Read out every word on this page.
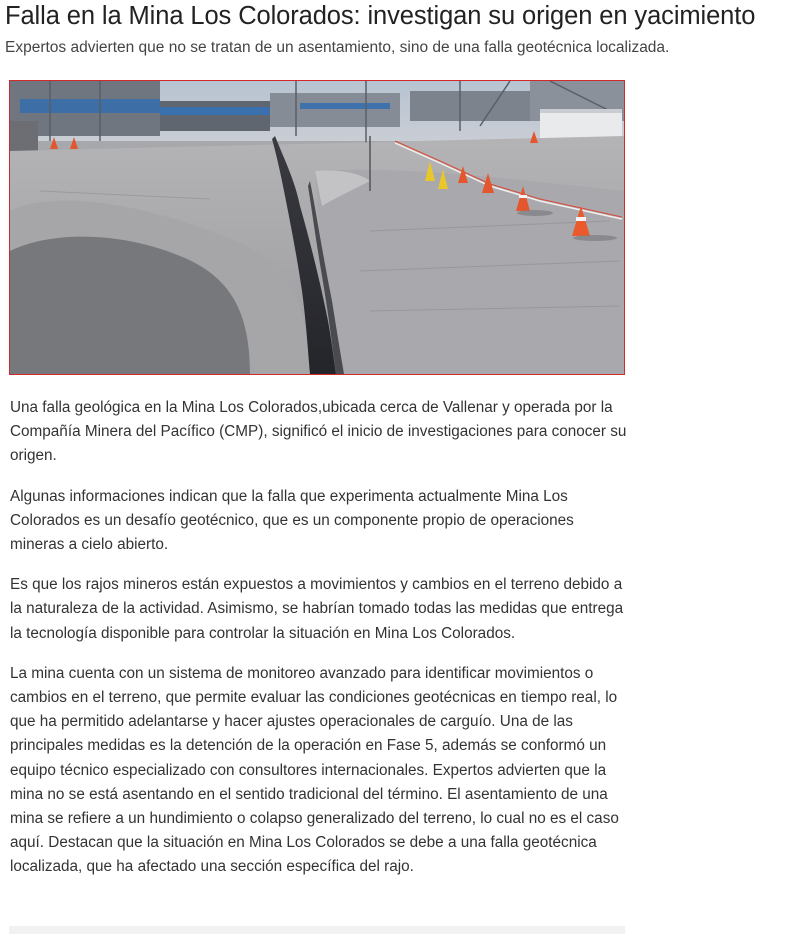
Falla en la Mina Los Colorados: investigan su origen en yacimiento

Expertos advierten que no se tratan de un asentamiento, sino de una falla geotécnica localizada.

Una falla geológica en la Mina Los Colorados,ubicada cerca de Vallenar y operada por la Compañía Minera del Pacífico (CMP), significó el inicio de investigaciones para conocer su origen.

Algunas informaciones indican que la falla que experimenta actualmente Mina Los Colorados es un desafío geotécnico, que es un componente propio de operaciones mineras a cielo abierto.

Es que los rajos mineros están expuestos a movimientos y cambios en el terreno debido a la naturaleza de la actividad. Asimismo, se habrían tomado todas las medidas que entrega la tecnología disponible para controlar la situación en Mina Los Colorados.

La mina cuenta con un sistema de monitoreo avanzado para identificar movimientos o cambios en el terreno, que permite evaluar las condiciones geotécnicas en tiempo real, lo que ha permitido adelantarse y hacer ajustes operacionales de carguío. Una de las principales medidas es la detención de la operación en Fase 5, además se conformó un equipo técnico especializado con consultores internacionales. Expertos advierten que la mina no se está asentando en el sentido tradicional del término. El asentamiento de una mina se refiere a un hundimiento o colapso generalizado del terreno, lo cual no es el caso aquí. Destacan que la situación en Mina Los Colorados se debe a una falla geotécnica localizada, que ha afectado una sección específica del rajo.
